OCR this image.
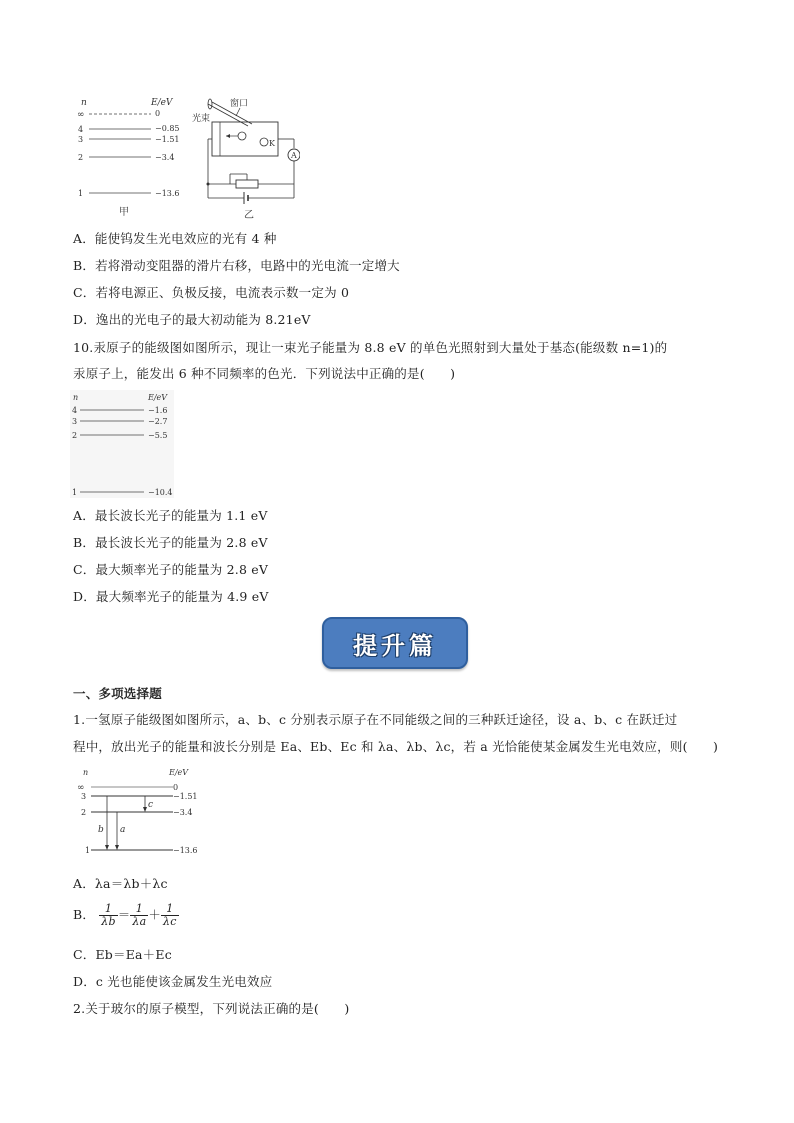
n	E/eV
∞	0
4	−0.85
3	−1.51
2	−3.4
1	−13.6
甲
窗口
光束
K
A
乙
A．能使钨发生光电效应的光有 4 种
B．若将滑动变阻器的滑片右移，电路中的光电流一定增大
C．若将电源正、负极反接，电流表示数一定为 0
D．逸出的光电子的最大初动能为 8.21eV
10.汞原子的能级图如图所示，现让一束光子能量为 8.8 eV 的单色光照射到大量处于基态(能级数 n=1)的
汞原子上，能发出 6 种不同频率的色光．下列说法中正确的是(　　)
n	E/eV
4	−1.6
3	−2.7
2	−5.5
1	−10.4
A．最长波长光子的能量为 1.1 eV
B．最长波长光子的能量为 2.8 eV
C．最大频率光子的能量为 2.8 eV
D．最大频率光子的能量为 4.9 eV
提升篇
一、多项选择题
1.一氢原子能级图如图所示，a、b、c 分别表示原子在不同能级之间的三种跃迁途径，设 a、b、c 在跃迁过
程中，放出光子的能量和波长分别是 Ea、Eb、Ec 和 λa、λb、λc，若 a 光恰能使某金属发生光电效应，则(　　)
n	E/eV
∞	0
3	−1.51
2	−3.4
1	−13.6
b a
c
A．λa＝λb＋λc
B． $\frac{1}{\lambda b} = \frac{1}{\lambda a} + \frac{1}{\lambda c}$
C．Eb＝Ea＋Ec
D．c 光也能使该金属发生光电效应
2.关于玻尔的原子模型，下列说法正确的是(　　)
